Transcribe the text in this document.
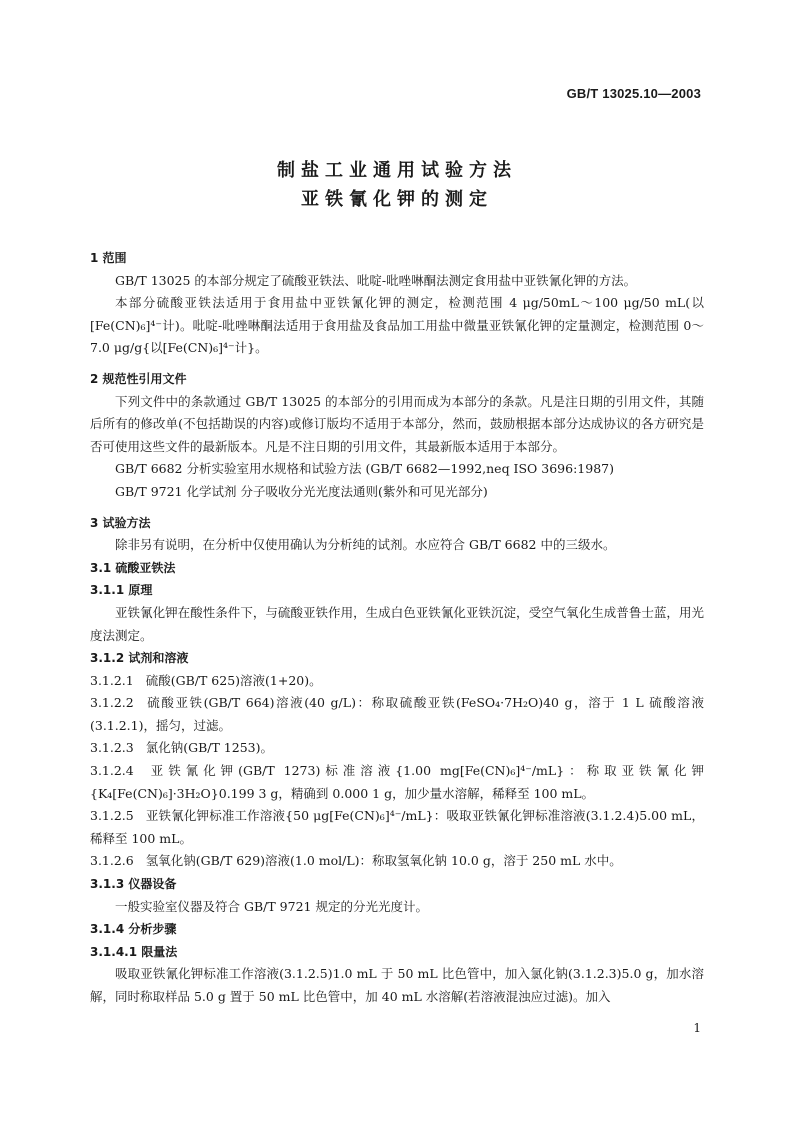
GB/T 13025.10—2003
制盐工业通用试验方法
亚铁氰化钾的测定
1 范围
GB/T 13025 的本部分规定了硫酸亚铁法、吡啶-吡唑啉酮法测定食用盐中亚铁氰化钾的方法。
本部分硫酸亚铁法适用于食用盐中亚铁氰化钾的测定，检测范围 4 μg/50mL～100 μg/50 mL(以[Fe(CN)₆]⁴⁻计)。吡啶-吡唑啉酮法适用于食用盐及食品加工用盐中微量亚铁氰化钾的定量测定，检测范围 0～7.0 μg/g{以[Fe(CN)₆]⁴⁻计}。
2 规范性引用文件
下列文件中的条款通过 GB/T 13025 的本部分的引用而成为本部分的条款。凡是注日期的引用文件，其随后所有的修改单(不包括勘误的内容)或修订版均不适用于本部分，然而，鼓励根据本部分达成协议的各方研究是否可使用这些文件的最新版本。凡是不注日期的引用文件，其最新版本适用于本部分。
GB/T 6682 分析实验室用水规格和试验方法 (GB/T 6682—1992,neq ISO 3696:1987)
GB/T 9721 化学试剂 分子吸收分光光度法通则(紫外和可见光部分)
3 试验方法
除非另有说明，在分析中仅使用确认为分析纯的试剂。水应符合 GB/T 6682 中的三级水。
3.1 硫酸亚铁法
3.1.1 原理
亚铁氰化钾在酸性条件下，与硫酸亚铁作用，生成白色亚铁氰化亚铁沉淀，受空气氧化生成普鲁士蓝，用光度法测定。
3.1.2 试剂和溶液
3.1.2.1 硫酸(GB/T 625)溶液(1+20)。
3.1.2.2 硫酸亚铁(GB/T 664)溶液(40 g/L)：称取硫酸亚铁(FeSO₄·7H₂O)40 g，溶于 1 L 硫酸溶液(3.1.2.1)，摇匀，过滤。
3.1.2.3 氯化钠(GB/T 1253)。
3.1.2.4 亚铁氰化钾(GB/T 1273)标准溶液{1.00 mg[Fe(CN)₆]⁴⁻/mL}：称取亚铁氰化钾{K₄[Fe(CN)₆]·3H₂O}0.199 3 g，精确到 0.000 1 g，加少量水溶解，稀释至 100 mL。
3.1.2.5 亚铁氰化钾标准工作溶液{50 μg[Fe(CN)₆]⁴⁻/mL}：吸取亚铁氰化钾标准溶液(3.1.2.4)5.00 mL，稀释至 100 mL。
3.1.2.6 氢氧化钠(GB/T 629)溶液(1.0 mol/L)：称取氢氧化钠 10.0 g，溶于 250 mL 水中。
3.1.3 仪器设备
一般实验室仪器及符合 GB/T 9721 规定的分光光度计。
3.1.4 分析步骤
3.1.4.1 限量法
吸取亚铁氰化钾标准工作溶液(3.1.2.5)1.0 mL 于 50 mL 比色管中，加入氯化钠(3.1.2.3)5.0 g，加水溶解，同时称取样品 5.0 g 置于 50 mL 比色管中，加 40 mL 水溶解(若溶液混浊应过滤)。加入
1
